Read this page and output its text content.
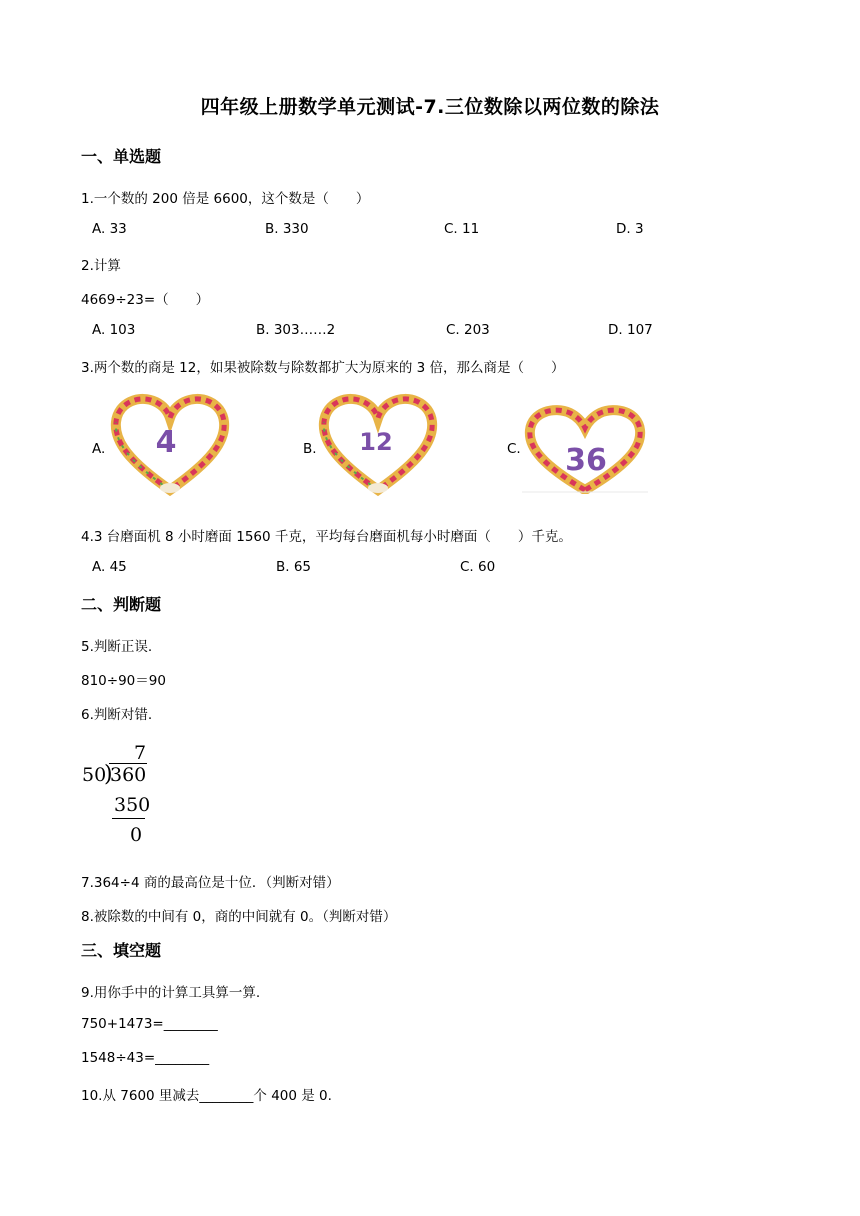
四年级上册数学单元测试-7.三位数除以两位数的除法
一、单选题
1.一个数的 200 倍是 6600，这个数是（　　）
A. 33	B. 330	C. 11	D. 3
2.计算
4669÷23=（　　）
A. 103	B. 303……2	C. 203	D. 107
3.两个数的商是 12，如果被除数与除数都扩大为原来的 3 倍，那么商是（　　）
A. 4	B. 12	C. 36
4.3 台磨面机 8 小时磨面 1560 千克，平均每台磨面机每小时磨面（　　）千克。
A. 45	B. 65	C. 60
二、判断题
5.判断正误.
810÷90＝90
6.判断对错.
7
50
)
360
350
0
7.364÷4 商的最高位是十位．（判断对错）
8.被除数的中间有 0，商的中间就有 0。（判断对错）
三、填空题
9.用你手中的计算工具算一算.
750+1473=________
1548÷43=________
10.从 7600 里减去________个 400 是 0.
